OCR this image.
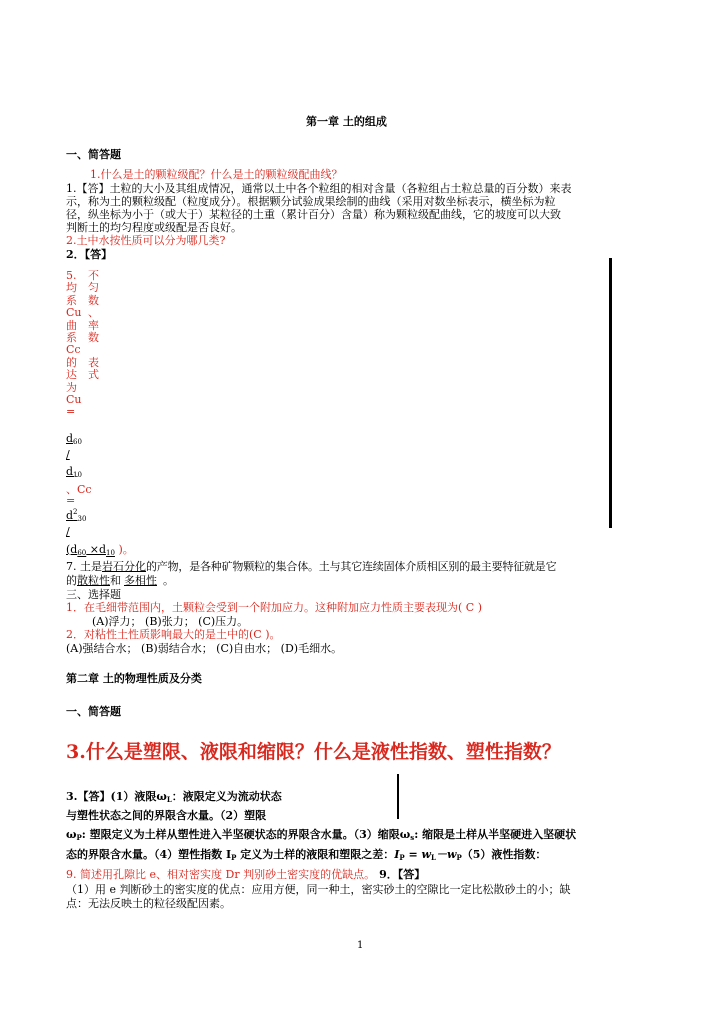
第一章 土的组成
一、简答题
1.什么是土的颗粒级配？什么是土的颗粒级配曲线？
1.【答】土粒的大小及其组成情况，通常以土中各个粒组的相对含量（各粒组占土粒总量的百分数）来表
示，称为土的颗粒级配（粒度成分）。根据颗分试验成果绘制的曲线（采用对数坐标表示，横坐标为粒
径，纵坐标为小于（或大于）某粒径的土重（累计百分）含量）称为颗粒级配曲线，它的坡度可以大致
判断土的均匀程度或级配是否良好。
2.土中水按性质可以分为哪几类?
2．【答】
5.
均
系
Cu
曲
系
Cc
的
达
为
Cu
=
不
匀
数
、
率
数

表
式
$d_{60}$
/
$d_{10}$
、Cc
=
$d^2_{30}$
/
($d_{60} \times d_{10}$ )。
7. 土是岩石分化的产物，是各种矿物颗粒的集合体。土与其它连续固体介质相区别的最主要特征就是它
的散粒性和 多相性 。
三、选择题
1．在毛细带范围内，土颗粒会受到一个附加应力。这种附加应力性质主要表现为( C )
(A)浮力； (B)张力； (C)压力。
2．对粘性土性质影响最大的是土中的(C )。
(A)强结合水； (B)弱结合水； (C)自由水； (D)毛细水。
第二章 土的物理性质及分类
一、简答题
3.什么是塑限、液限和缩限？什么是液性指数、塑性指数？
3.【答】(1）液限$\omega_L$：液限定义为流动状态
与塑性状态之间的界限含水量。（2）塑限
$\omega_P$: 塑限定义为土样从塑性进入半坚硬状态的界限含水量。（3）缩限$\omega_s$: 缩限是土样从半坚硬进入坚硬状
态的界限含水量。（4）塑性指数 $I_P$ 定义为土样的液限和塑限之差：$I_P = w_L-w_P(5)$液性指数：
9. 简述用孔隙比 e、相对密实度 Dr 判别砂土密实度的优缺点。 9．【答】
（1）用 e 判断砂土的密实度的优点：应用方便，同一种土，密实砂土的空隙比一定比松散砂土的小；缺
点：无法反映土的粒径级配因素。
1
